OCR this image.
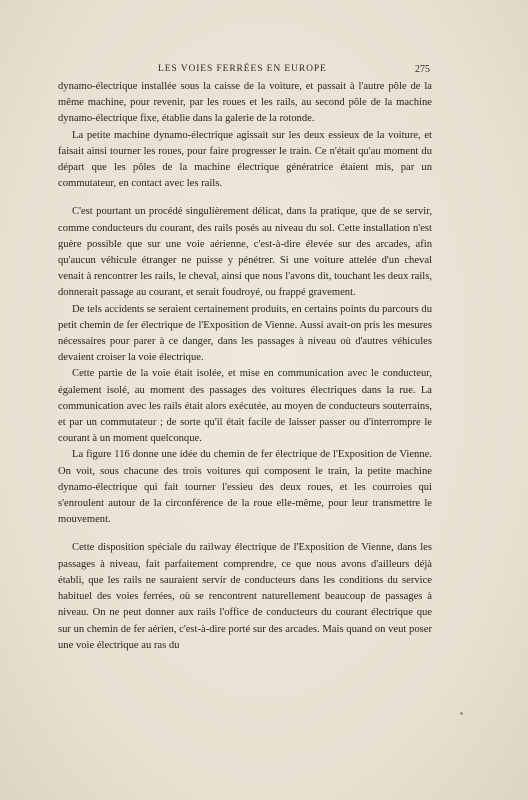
LES VOIES FERRÉES EN EUROPE	275

dynamo-électrique installée sous la caisse de la voiture, et passait à l'autre pôle de la même machine, pour revenir, par les roues et les rails, au second pôle de la machine dynamo-électrique fixe, établie dans la galerie de la rotonde.

La petite machine dynamo-électrique agissait sur les deux essieux de la voiture, et faisait ainsi tourner les roues, pour faire progresser le train. Ce n'était qu'au moment du départ que les pôles de la machine électrique génératrice étaient mis, par un commutateur, en contact avec les rails.

C'est pourtant un procédé singulièrement délicat, dans la pratique, que de se servir, comme conducteurs du courant, des rails posés au niveau du sol. Cette installation n'est guère possible que sur une voie aérienne, c'est-à-dire élevée sur des arcades, afin qu'aucun véhicule étranger ne puisse y pénétrer. Si une voiture attelée d'un cheval venait à rencontrer les rails, le cheval, ainsi que nous l'avons dit, touchant les deux rails, donnerait passage au courant, et serait foudroyé, ou frappé gravement.

De tels accidents se seraient certainement produits, en certains points du parcours du petit chemin de fer électrique de l'Exposition de Vienne. Aussi avait-on pris les mesures nécessaires pour parer à ce danger, dans les passages à niveau où d'autres véhicules devaient croiser la voie électrique.

Cette partie de la voie était isolée, et mise en communication avec le conducteur, également isolé, au moment des passages des voitures électriques dans la rue. La communication avec les rails était alors exécutée, au moyen de conducteurs souterrains, et par un commutateur ; de sorte qu'il était facile de laisser passer ou d'interrompre le courant à un moment quelconque.

La figure 116 donne une idée du chemin de fer électrique de l'Exposition de Vienne. On voit, sous chacune des trois voitures qui composent le train, la petite machine dynamo-électrique qui fait tourner l'essieu des deux roues, et les courroies qui s'enroulent autour de la circonférence de la roue elle-même, pour leur transmettre le mouvement.

Cette disposition spéciale du railway électrique de l'Exposition de Vienne, dans les passages à niveau, fait parfaitement comprendre, ce que nous avons d'ailleurs déjà établi, que les rails ne sauraient servir de conducteurs dans les conditions du service habituel des voies ferrées, où se rencontrent naturellement beaucoup de passages à niveau. On ne peut donner aux rails l'office de conducteurs du courant électrique que sur un chemin de fer aérien, c'est-à-dire porté sur des arcades. Mais quand on veut poser une voie électrique au ras du
